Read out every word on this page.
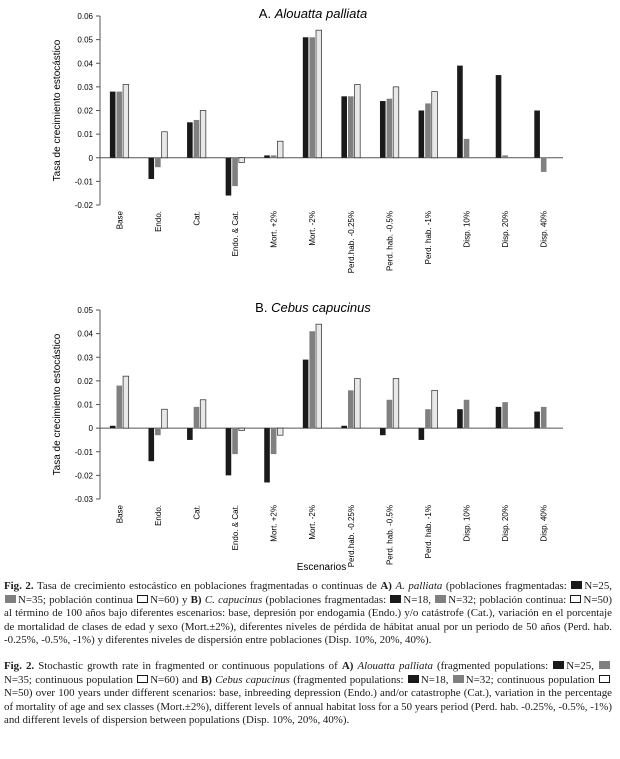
A. Alouatta palliata
-0.02
-0.01
0
0.01
0.02
0.03
0.04
0.05
0.06
Tasa de crecimiento estocástico
Base	Endo.	Cat.	Endo. & Cat.	Mort. +2%	Mort. -2%	Perd.hab. -0.25%	Perd. hab. -0.5%	Perd. hab. -1%	Disp. 10%	Disp. 20%	Disp. 40%
B. Cebus capucinus
-0.03
-0.02
-0.01
0
0.01
0.02
0.03
0.04
0.05
Tasa de crecimiento estocástico
Base	Endo.	Cat.	Endo. & Cat.	Mort. +2%	Mort. -2%	Perd.hab. -0.25%	Perd. hab. -0.5%	Perd. hab. -1%	Disp. 10%	Disp. 20%	Disp. 40%
Escenarios

Fig. 2. Tasa de crecimiento estocástico en poblaciones fragmentadas o continuas de A) A. palliata (poblaciones fragmentadas: N=25, N=35; población continua N=60) y B) C. capucinus (poblaciones fragmentadas: N=18, N=32; población continua: N=50) al término de 100 años bajo diferentes escenarios: base, depresión por endogamia (Endo.) y/o catástrofe (Cat.), variación en el porcentaje de mortalidad de clases de edad y sexo (Mort.±2%), diferentes niveles de pérdida de hábitat anual por un periodo de 50 años (Perd. hab. -0.25%, -0.5%, -1%) y diferentes niveles de dispersión entre poblaciones (Disp. 10%, 20%, 40%).

Fig. 2. Stochastic growth rate in fragmented or continuous populations of A) Alouatta palliata (fragmented populations: N=25, N=35; continuous population N=60) and B) Cebus capucinus (fragmented populations: N=18, N=32; continuous population N=50) over 100 years under different scenarios: base, inbreeding depression (Endo.) and/or catastrophe (Cat.), variation in the percentage of mortality of age and sex classes (Mort.±2%), different levels of annual habitat loss for a 50 years period (Perd. hab. -0.25%, -0.5%, -1%) and different levels of dispersion between populations (Disp. 10%, 20%, 40%).
